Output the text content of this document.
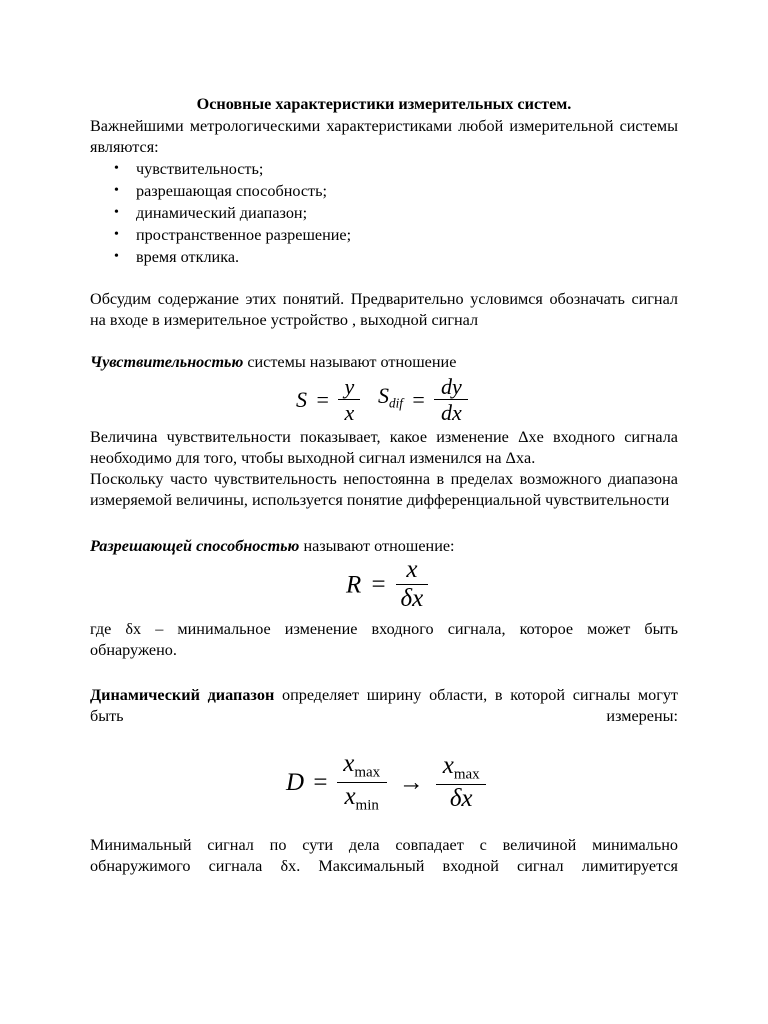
Основные характеристики измерительных систем.

Важнейшими метрологическими характеристиками любой измерительной системы являются:

• чувствительность;
• разрешающая способность;
• динамический диапазон;
• пространственное разрешение;
• время отклика.

Обсудим содержание этих понятий. Предварительно условимся обозначать сигнал на входе в измерительное устройство , выходной сигнал

Чувствительностью системы называют отношение

$S = \frac{y}{x} S_{dif} = \frac{dy}{dx}$

Величина чувствительности показывает, какое изменение Δxe входного сигнала необходимо для того, чтобы выходной сигнал изменился на Δxa.

Поскольку часто чувствительность непостоянна в пределах возможного диапазона измеряемой величины, используется понятие дифференциальной чувствительности

Разрешающей способностью называют отношение:

$R = \frac{x}{\delta x}$

где δx – минимальное изменение входного сигнала, которое может быть обнаружено.

Динамический диапазон определяет ширину области, в которой сигналы могут быть измерены:

$D = \frac{x_{max}}{x_{min}} \to \frac{x_{max}}{\delta x}$

Минимальный сигнал по сути дела совпадает с величиной минимально обнаружимого сигнала δx. Максимальный входной сигнал лимитируется
